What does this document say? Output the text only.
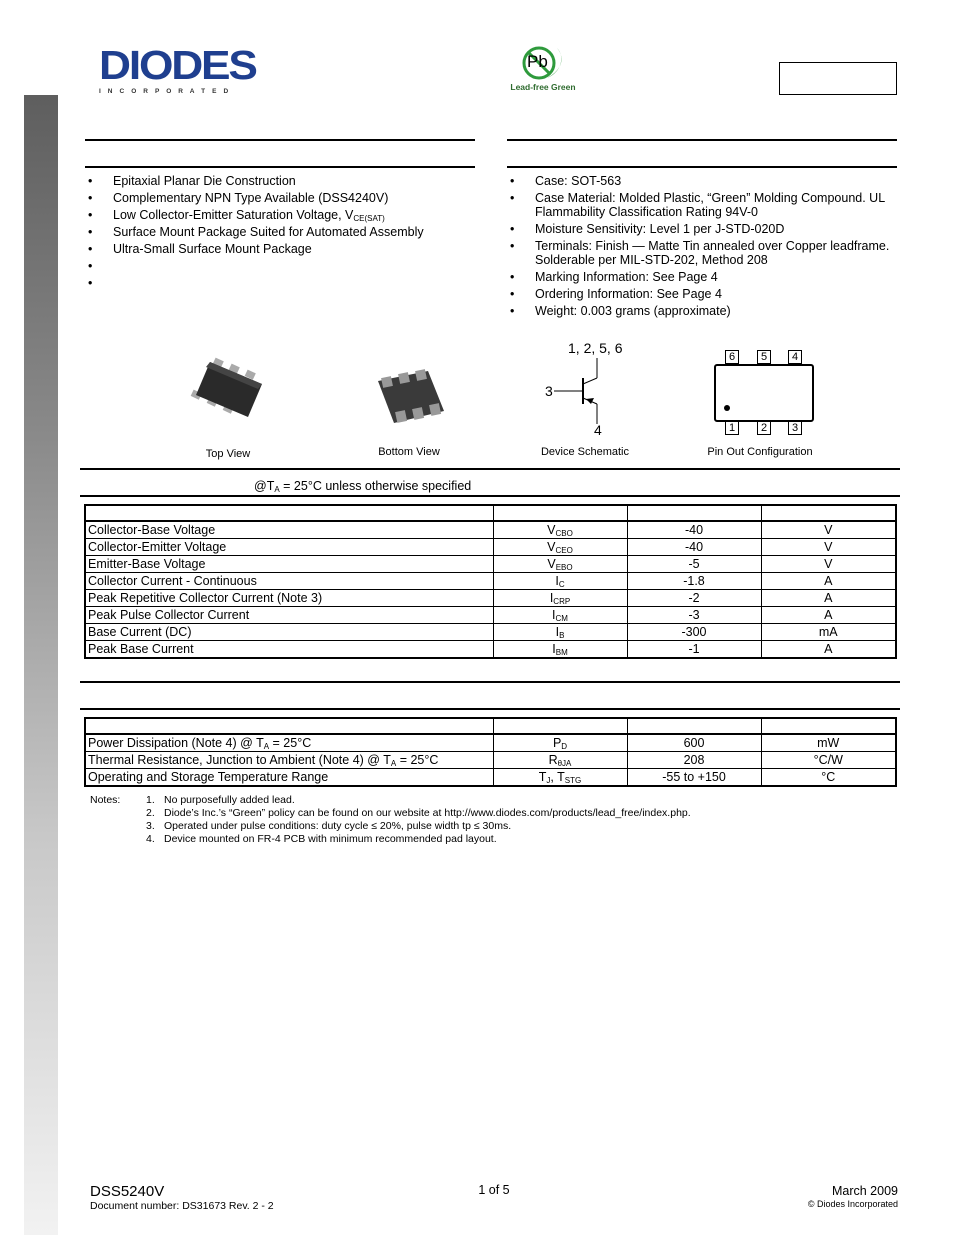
DIODES
I N C O R P O R A T E D
Pb
Lead-free Green
• Epitaxial Planar Die Construction
• Complementary NPN Type Available (DSS4240V)
• Low Collector-Emitter Saturation Voltage, $V_{CE(SAT)}$
• Surface Mount Package Suited for Automated Assembly
• Ultra-Small Surface Mount Package
•
•
• Case: SOT-563
• Case Material: Molded Plastic, “Green” Molding Compound. UL Flammability Classification Rating 94V-0
• Moisture Sensitivity: Level 1 per J-STD-020D
• Terminals: Finish — Matte Tin annealed over Copper leadframe. Solderable per MIL-STD-202, Method 208
• Marking Information: See Page 4
• Ordering Information: See Page 4
• Weight: 0.003 grams (approximate)
Top View	Bottom View
1, 2, 5, 6
3
4
Device Schematic
6	5	4
1	2	3
Pin Out Configuration
$@T_A = 25^\circ C$ unless otherwise specified

Collector-Base Voltage	$V_{CBO}$	-40	V
Collector-Emitter Voltage	$V_{CEO}$	-40	V
Emitter-Base Voltage	$V_{EBO}$	-5	V
Collector Current - Continuous	$I_C$	-1.8	A
Peak Repetitive Collector Current (Note 3)	$I_{CRP}$	-2	A
Peak Pulse Collector Current	$I_{CM}$	-3	A
Base Current (DC)	$I_B$	-300	mA
Peak Base Current	$I_{BM}$	-1	A

Power Dissipation (Note 4) @ $T_A = 25^\circ C$	$P_D$	600	mW
Thermal Resistance, Junction to Ambient (Note 4) @ $T_A = 25^\circ C$	$R_{\theta JA}$	208	°C/W
Operating and Storage Temperature Range	$T_J$, $T_{STG}$	-55 to +150	°C
Notes: 1. No purposefully added lead.
2. Diode’s Inc.’s “Green” policy can be found on our website at http://www.diodes.com/products/lead_free/index.php.
3. Operated under pulse conditions: duty cycle ≤ 20%, pulse width tp ≤ 30ms.
4. Device mounted on FR-4 PCB with minimum recommended pad layout.
DSS5240V
Document number: DS31673 Rev. 2 - 2
1 of 5	March 2009
© Diodes Incorporated
